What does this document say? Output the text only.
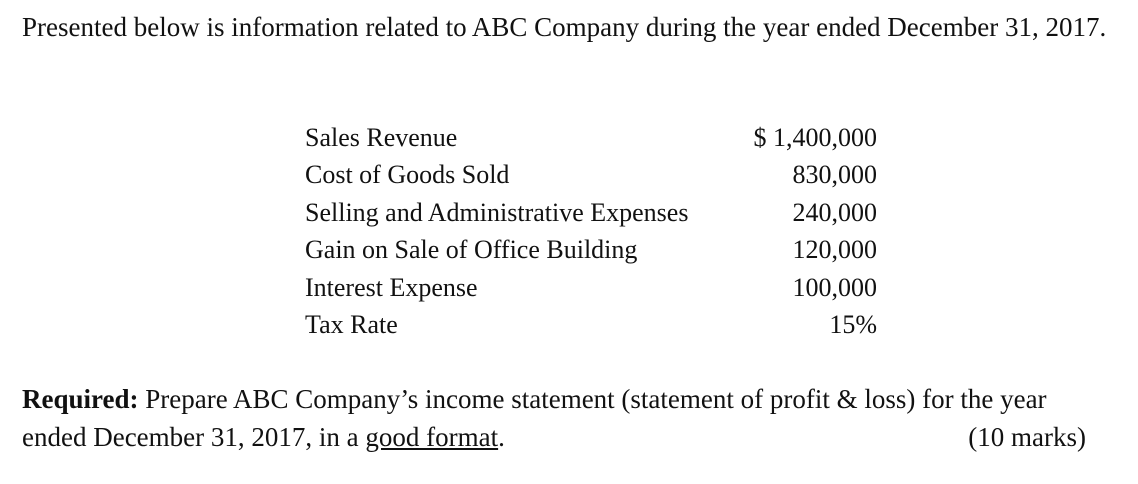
Presented below is information related to ABC Company during the year ended December 31, 2017.

Sales Revenue	$ 1,400,000
Cost of Goods Sold	830,000
Selling and Administrative Expenses	240,000
Gain on Sale of Office Building	120,000
Interest Expense	100,000
Tax Rate	15%
Required: Prepare ABC Company’s income statement (statement of profit & loss) for the year
ended December 31, 2017, in a good format.	(10 marks)
